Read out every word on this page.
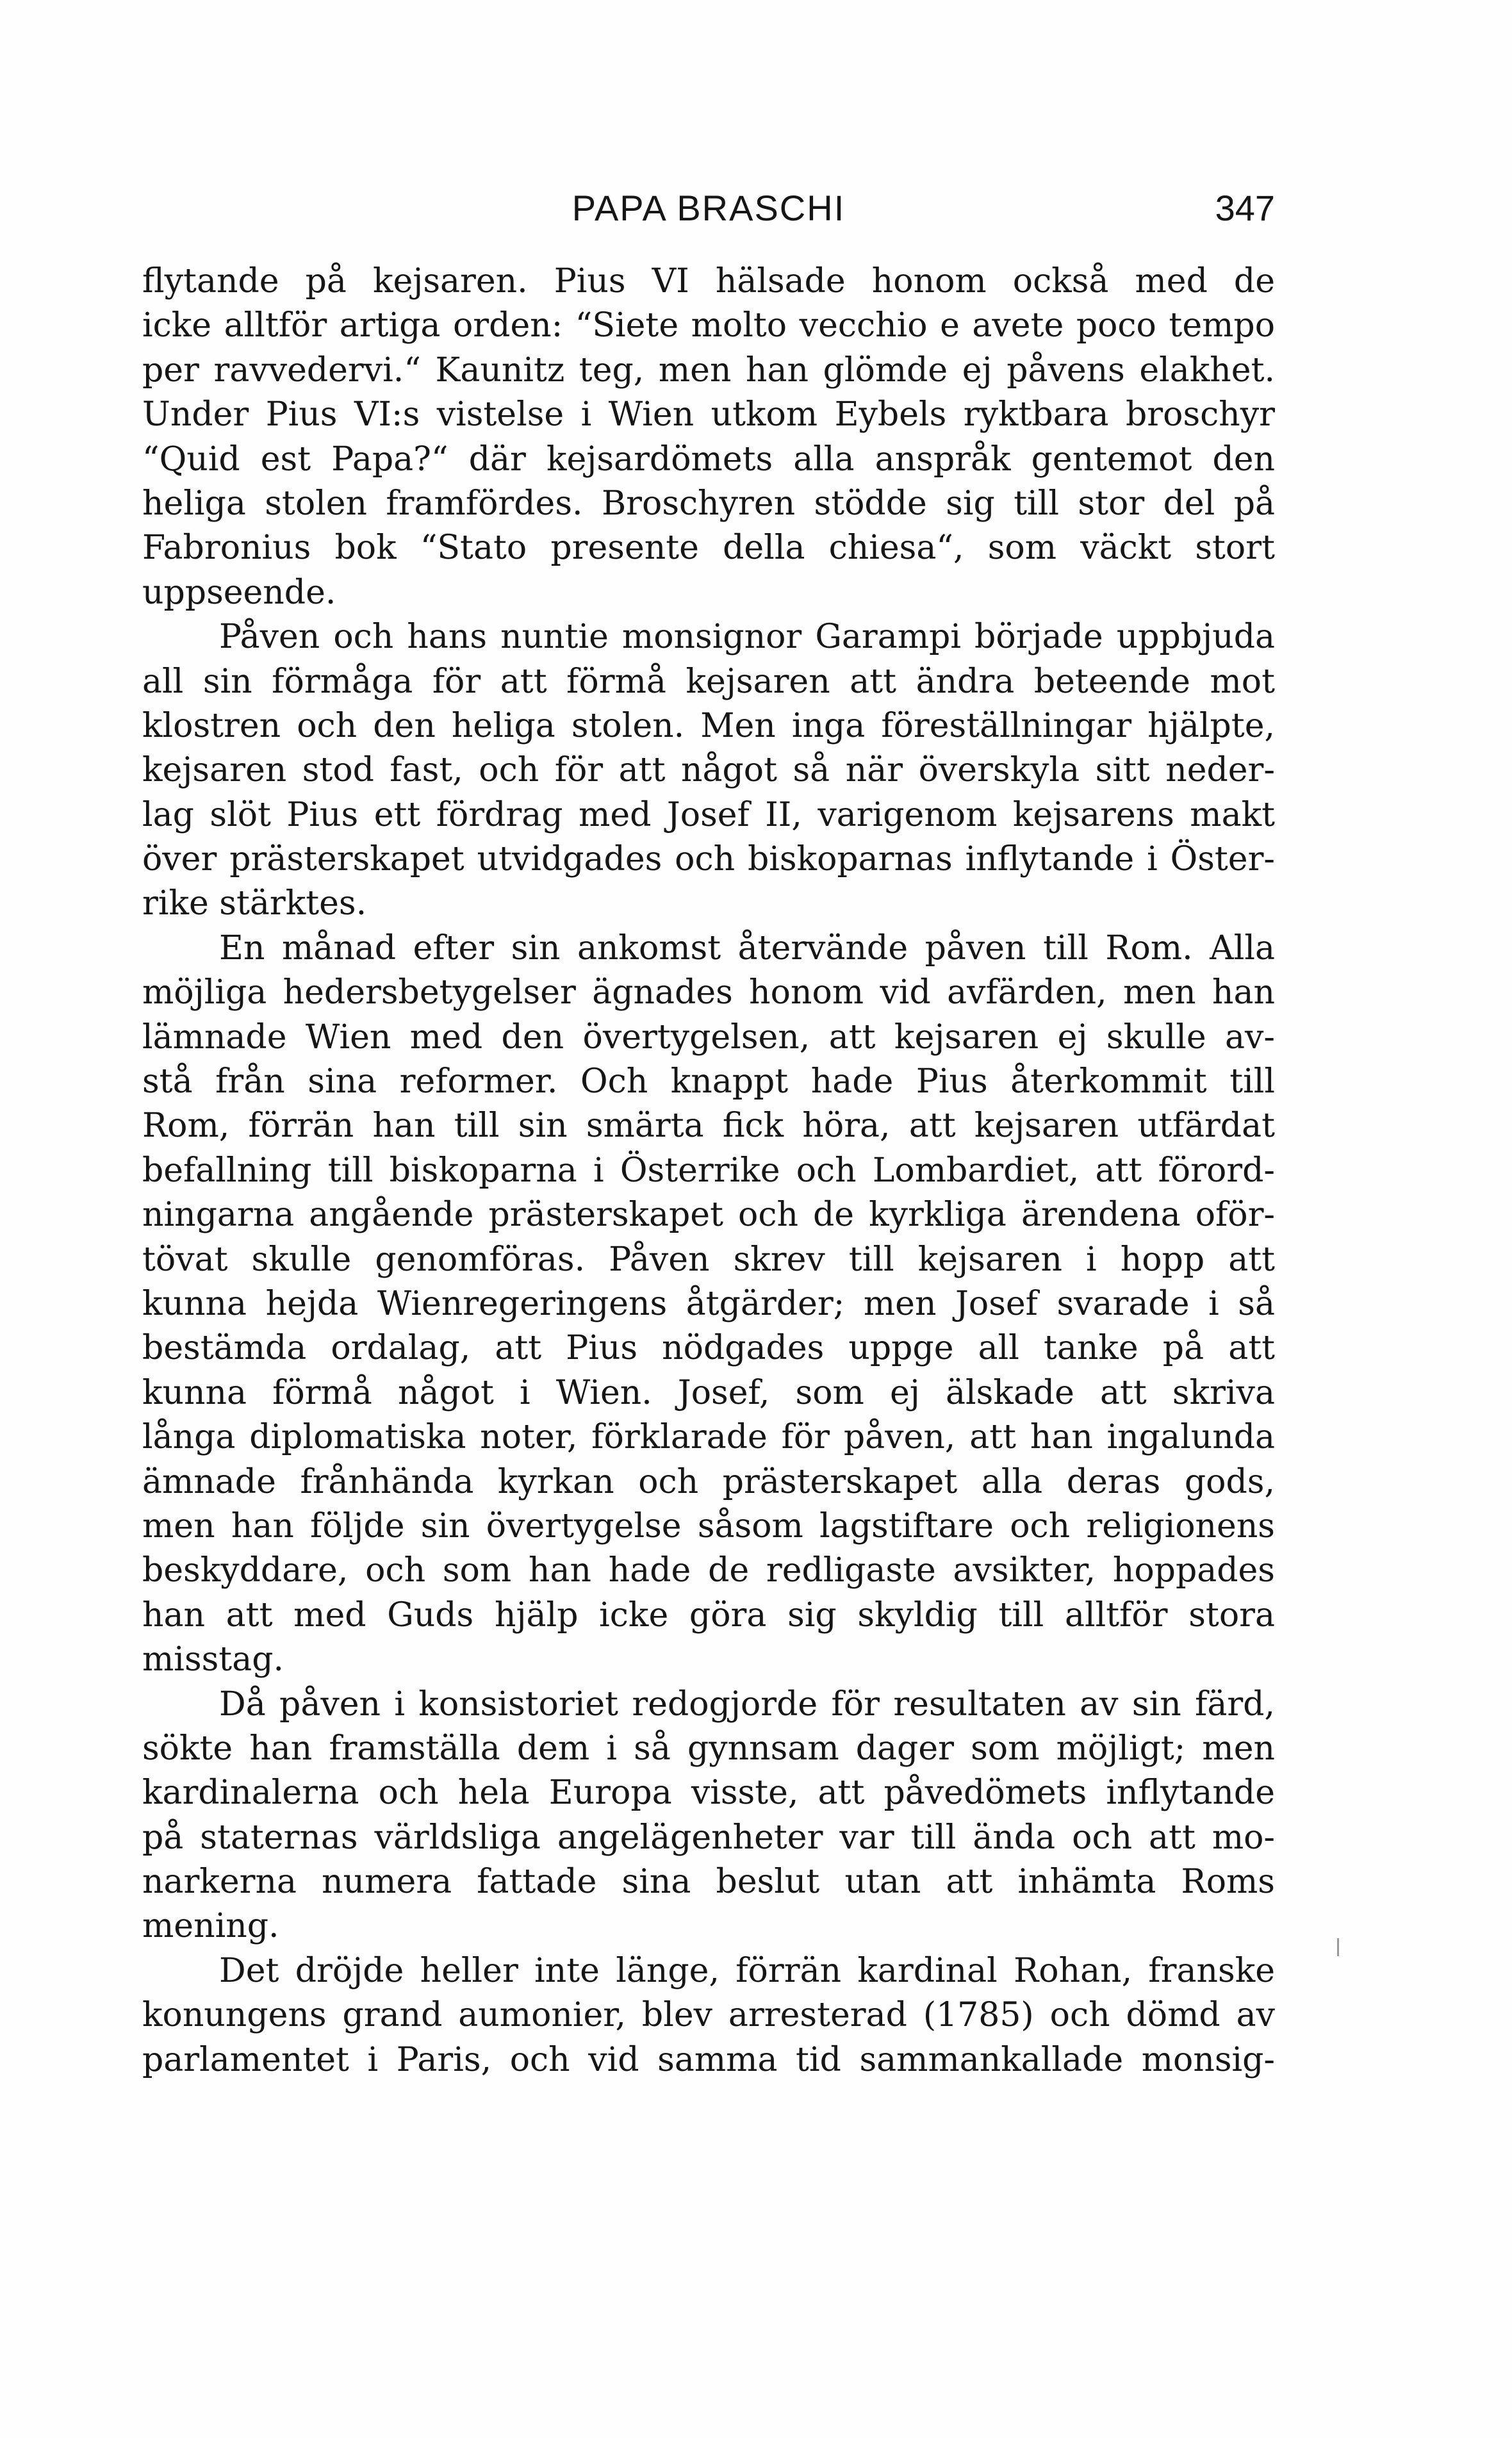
PAPA BRASCHI	347
flytande på kejsaren. Pius VI hälsade honom också med de
icke alltför artiga orden: “Siete molto vecchio e avete poco tempo
per ravvedervi.“ Kaunitz teg, men han glömde ej påvens elakhet.
Under Pius VI:s vistelse i Wien utkom Eybels ryktbara broschyr
“Quid est Papa?“ där kejsardömets alla anspråk gentemot den
heliga stolen framfördes. Broschyren stödde sig till stor del på
Fabronius bok “Stato presente della chiesa“, som väckt stort
uppseende.
Påven och hans nuntie monsignor Garampi började uppbjuda
all sin förmåga för att förmå kejsaren att ändra beteende mot
klostren och den heliga stolen. Men inga föreställningar hjälpte,
kejsaren stod fast, och för att något så när överskyla sitt neder-
lag slöt Pius ett fördrag med Josef II, varigenom kejsarens makt
över prästerskapet utvidgades och biskoparnas inflytande i Öster-
rike stärktes.
En månad efter sin ankomst återvände påven till Rom. Alla
möjliga hedersbetygelser ägnades honom vid avfärden, men han
lämnade Wien med den övertygelsen, att kejsaren ej skulle av-
stå från sina reformer. Och knappt hade Pius återkommit till
Rom, förrän han till sin smärta fick höra, att kejsaren utfärdat
befallning till biskoparna i Österrike och Lombardiet, att förord-
ningarna angående prästerskapet och de kyrkliga ärendena oför-
tövat skulle genomföras. Påven skrev till kejsaren i hopp att
kunna hejda Wienregeringens åtgärder; men Josef svarade i så
bestämda ordalag, att Pius nödgades uppge all tanke på att
kunna förmå något i Wien. Josef, som ej älskade att skriva
långa diplomatiska noter, förklarade för påven, att han ingalunda
ämnade frånhända kyrkan och prästerskapet alla deras gods,
men han följde sin övertygelse såsom lagstiftare och religionens
beskyddare, och som han hade de redligaste avsikter, hoppades
han att med Guds hjälp icke göra sig skyldig till alltför stora
misstag.
Då påven i konsistoriet redogjorde för resultaten av sin färd,
sökte han framställa dem i så gynnsam dager som möjligt; men
kardinalerna och hela Europa visste, att påvedömets inflytande
på staternas världsliga angelägenheter var till ända och att mo-
narkerna numera fattade sina beslut utan att inhämta Roms
mening.
Det dröjde heller inte länge, förrän kardinal Rohan, franske
konungens grand aumonier, blev arresterad (1785) och dömd av
parlamentet i Paris, och vid samma tid sammankallade monsig-
